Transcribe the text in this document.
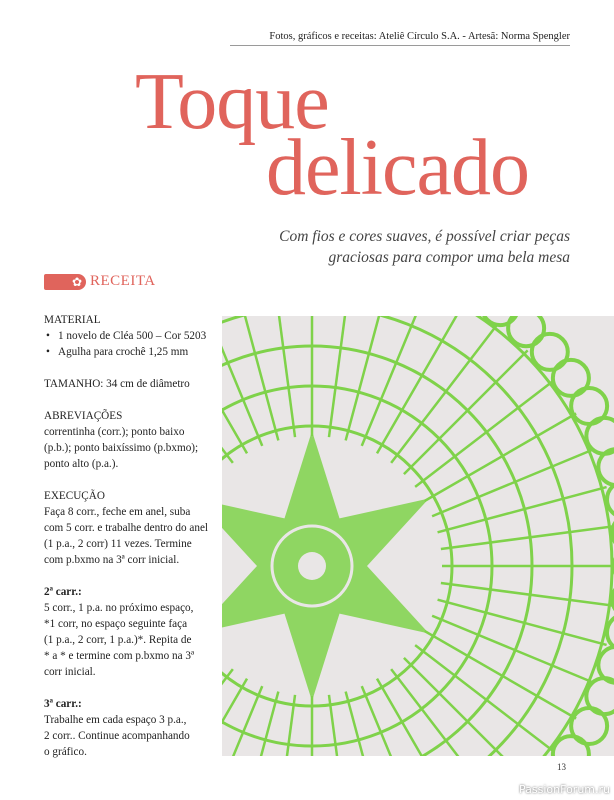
Fotos, gráficos e receitas: Ateliê Círculo S.A. - Artesã: Norma Spengler
Toque
delicado
Com fios e cores suaves, é possível criar peças
graciosas para compor uma bela mesa
✿ RECEITA
MATERIAL
• 1 novelo de Cléa 500 – Cor 5203
• Agulha para crochê 1,25 mm
TAMANHO: 34 cm de diâmetro
ABREVIAÇÕES
correntinha (corr.); ponto baixo
(p.b.); ponto baixíssimo (p.bxmo);
ponto alto (p.a.).
EXECUÇÃO
Faça 8 corr., feche em anel, suba
com 5 corr. e trabalhe dentro do anel
(1 p.a., 2 corr) 11 vezes. Termine
com p.bxmo na 3ª corr inicial.
2ª carr.:
5 corr., 1 p.a. no próximo espaço,
*1 corr, no espaço seguinte faça
(1 p.a., 2 corr, 1 p.a.)*. Repita de
* a * e termine com p.bxmo na 3ª
corr inicial.
3ª carr.:
Trabalhe em cada espaço 3 p.a.,
2 corr.. Continue acompanhando
o gráfico.
13
PassionForum.ru
